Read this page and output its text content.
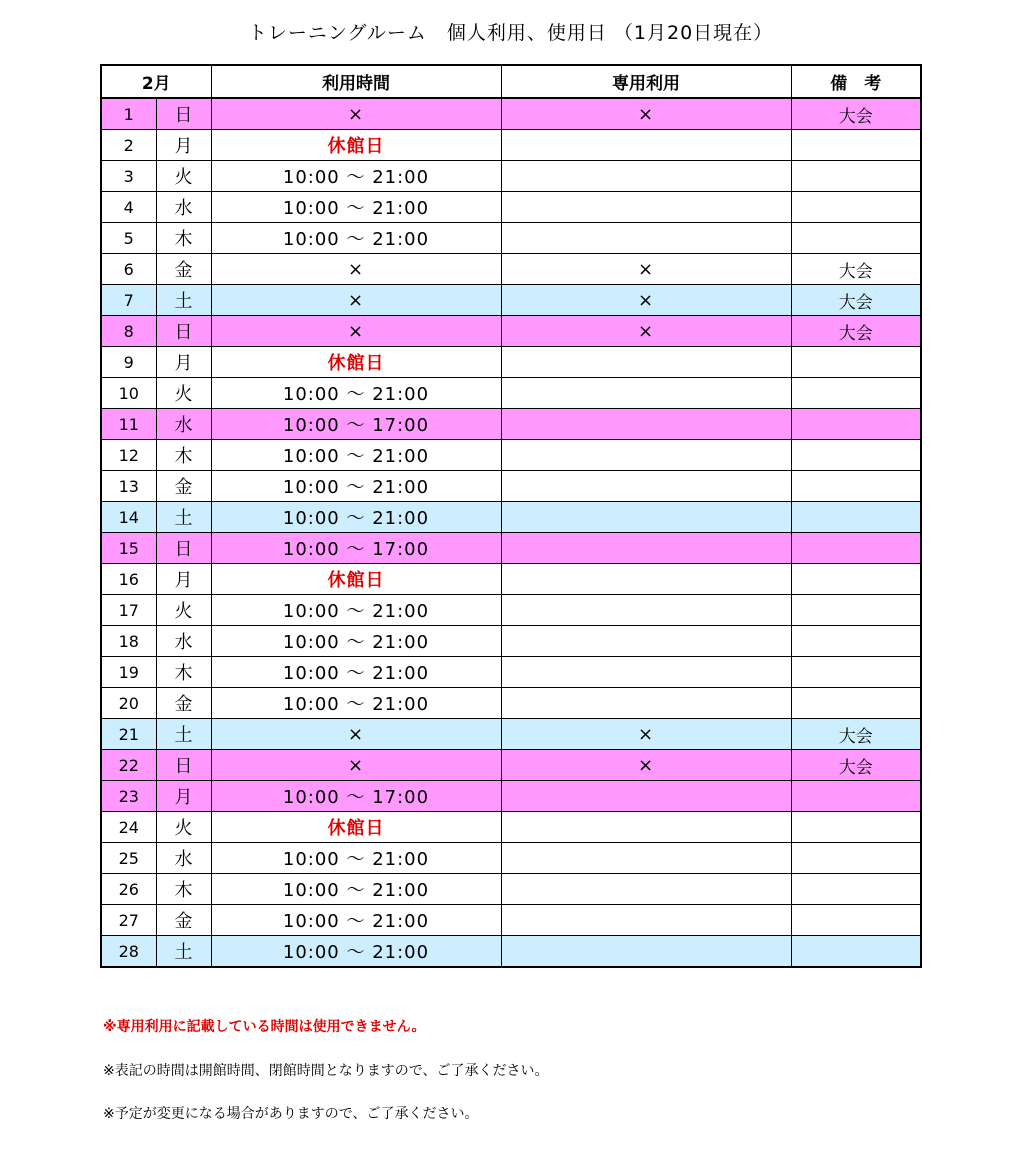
トレーニングルーム　個人利用、使用日 （1月20日現在）
2月		利用時間	専用利用	備　考
1	日	×	×	大会
2	月	休館日		
3	火	10:00 ～ 21:00		
4	水	10:00 ～ 21:00		
5	木	10:00 ～ 21:00		
6	金	×	×	大会
7	土	×	×	大会
8	日	×	×	大会
9	月	休館日		
10	火	10:00 ～ 21:00		
11	水	10:00 ～ 17:00		
12	木	10:00 ～ 21:00		
13	金	10:00 ～ 21:00		
14	土	10:00 ～ 21:00		
15	日	10:00 ～ 17:00		
16	月	休館日		
17	火	10:00 ～ 21:00		
18	水	10:00 ～ 21:00		
19	木	10:00 ～ 21:00		
20	金	10:00 ～ 21:00		
21	土	×	×	大会
22	日	×	×	大会
23	月	10:00 ～ 17:00		
24	火	休館日		
25	水	10:00 ～ 21:00		
26	木	10:00 ～ 21:00		
27	金	10:00 ～ 21:00		
28	土	10:00 ～ 21:00		
※専用利用に記載している時間は使用できません。
※表記の時間は開館時間、閉館時間となりますので、ご了承ください。
※予定が変更になる場合がありますので、ご了承ください。
